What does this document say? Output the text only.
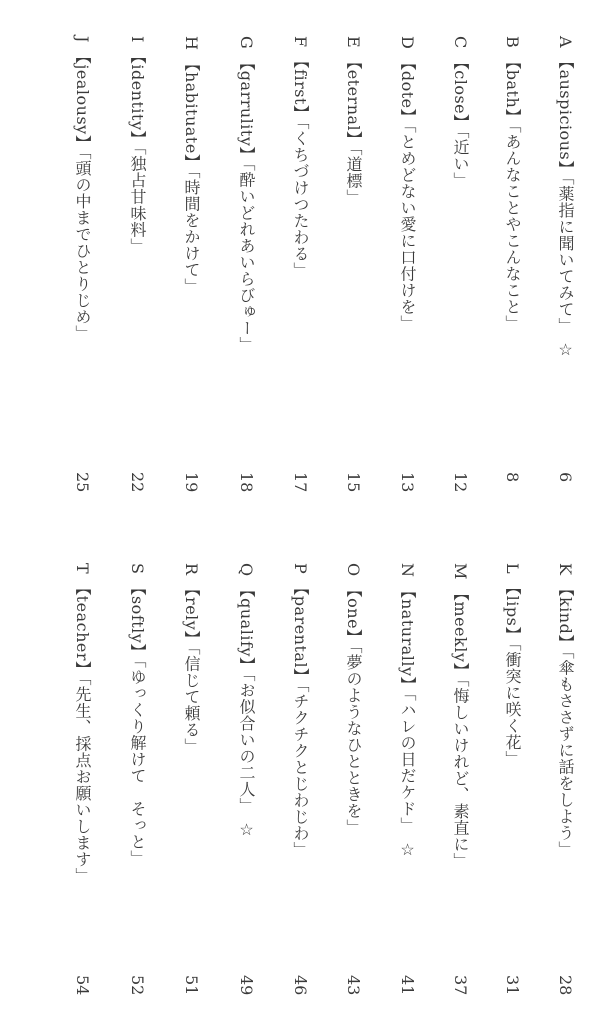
A【auspicious】「薬指に聞いてみて」☆
6
B【bath】「あんなことやこんなこと」
8
C【close】「近い」
12
D【dote】「とめどない愛に口付けを」
13
E【eternal】「道標」
15
F【first】「くちづけつたわる」
17
G【garrulity】「酔いどれあいらびゅー」
18
H【habituate】「時間をかけて」
19
I【identity】「独占甘味料」
22
J【jealousy】「頭の中までひとりじめ」
25
K【kind】「傘もささずに話をしよう」
28
L【lips】「衝突に咲く花」
31
M【meekly】「悔しいけれど、素直に」
37
N【naturally】「ハレの日だケド」☆
41
O【one】「夢のようなひとときを」
43
P【parental】「チクチクとじわじわ」
46
Q【qualify】「お似合いの二人」☆
49
R【rely】「信じて頼る」
51
S【softly】「ゆっくり解けて　そっと」
52
T【teacher】「先生、採点お願いします」
54
